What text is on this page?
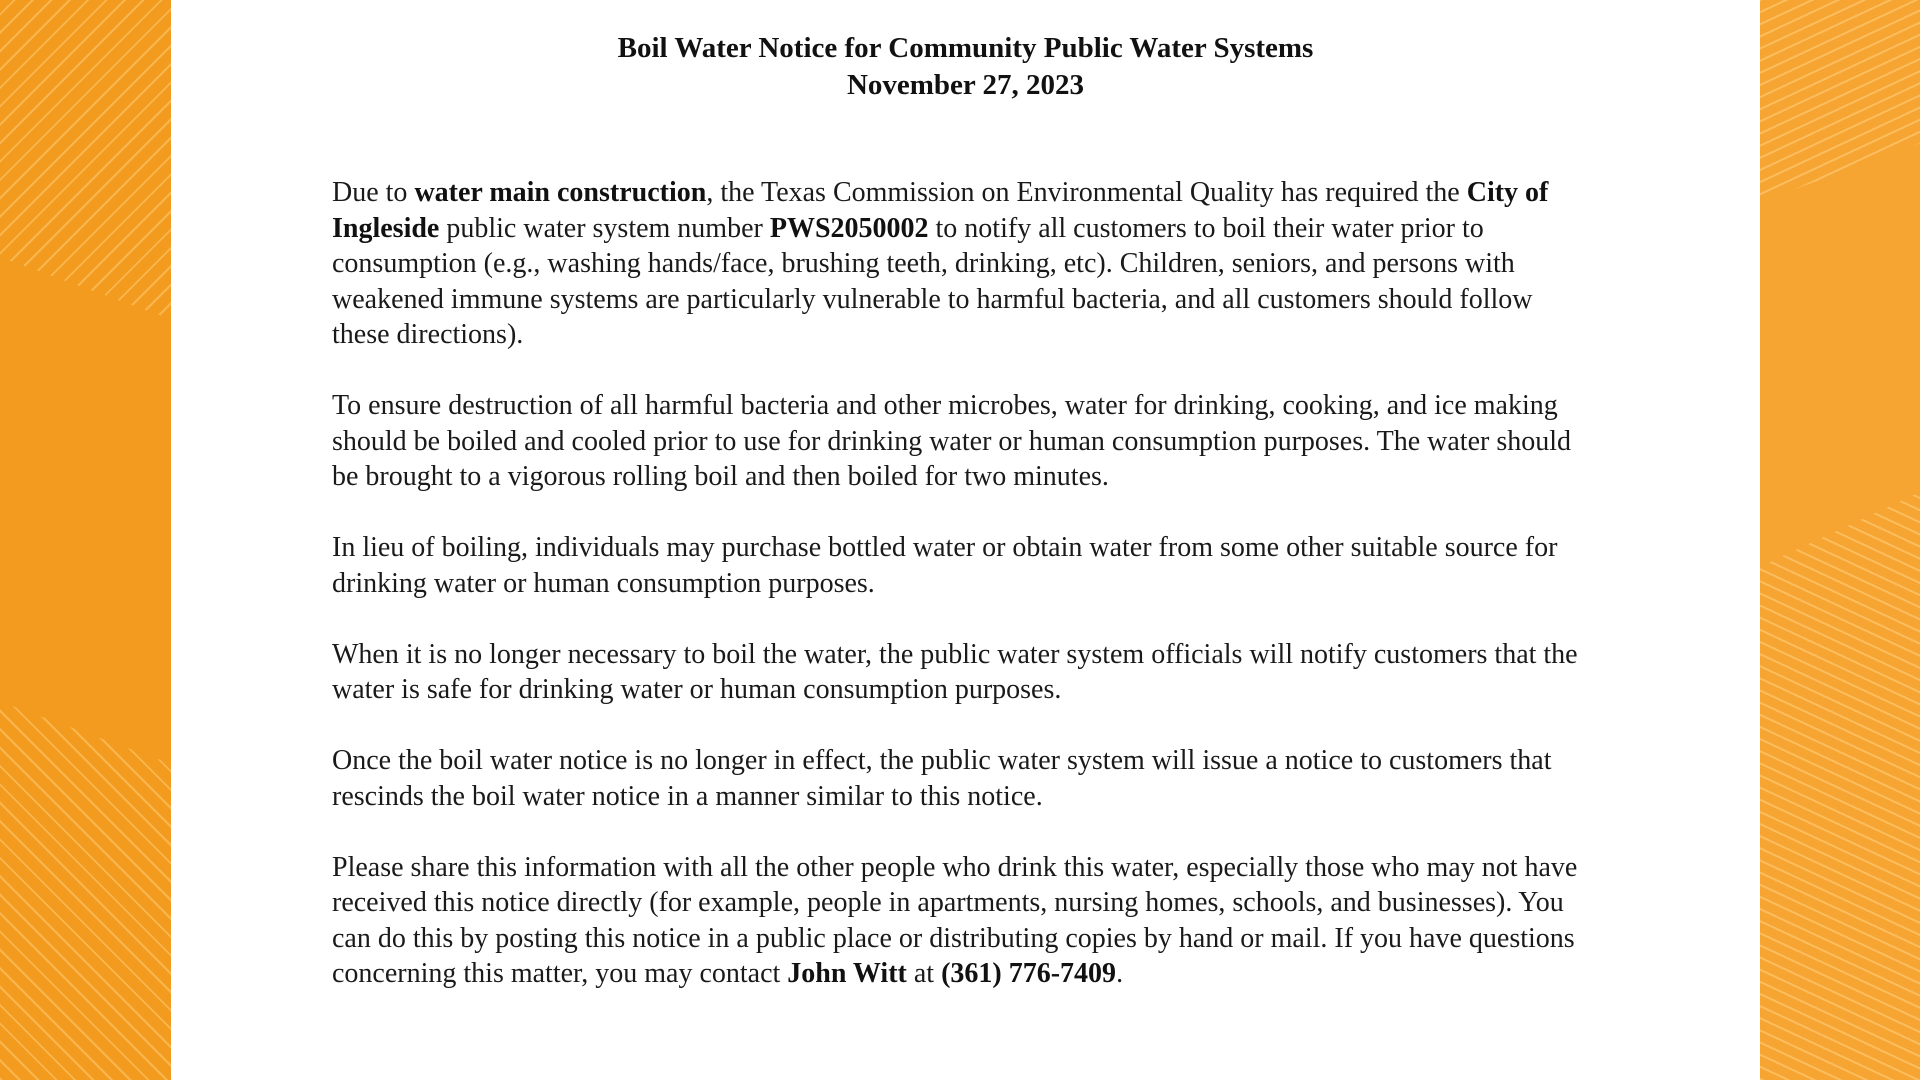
Boil Water Notice for Community Public Water Systems
November 27, 2023

Due to water main construction, the Texas Commission on Environmental Quality has required the City of Ingleside public water system number PWS2050002 to notify all customers to boil their water prior to consumption (e.g., washing hands/face, brushing teeth, drinking, etc). Children, seniors, and persons with weakened immune systems are particularly vulnerable to harmful bacteria, and all customers should follow these directions).

To ensure destruction of all harmful bacteria and other microbes, water for drinking, cooking, and ice making should be boiled and cooled prior to use for drinking water or human consumption purposes. The water should be brought to a vigorous rolling boil and then boiled for two minutes.

In lieu of boiling, individuals may purchase bottled water or obtain water from some other suitable source for drinking water or human consumption purposes.

When it is no longer necessary to boil the water, the public water system officials will notify customers that the water is safe for drinking water or human consumption purposes.

Once the boil water notice is no longer in effect, the public water system will issue a notice to customers that rescinds the boil water notice in a manner similar to this notice.

Please share this information with all the other people who drink this water, especially those who may not have received this notice directly (for example, people in apartments, nursing homes, schools, and businesses). You can do this by posting this notice in a public place or distributing copies by hand or mail. If you have questions concerning this matter, you may contact John Witt at (361) 776-7409.
